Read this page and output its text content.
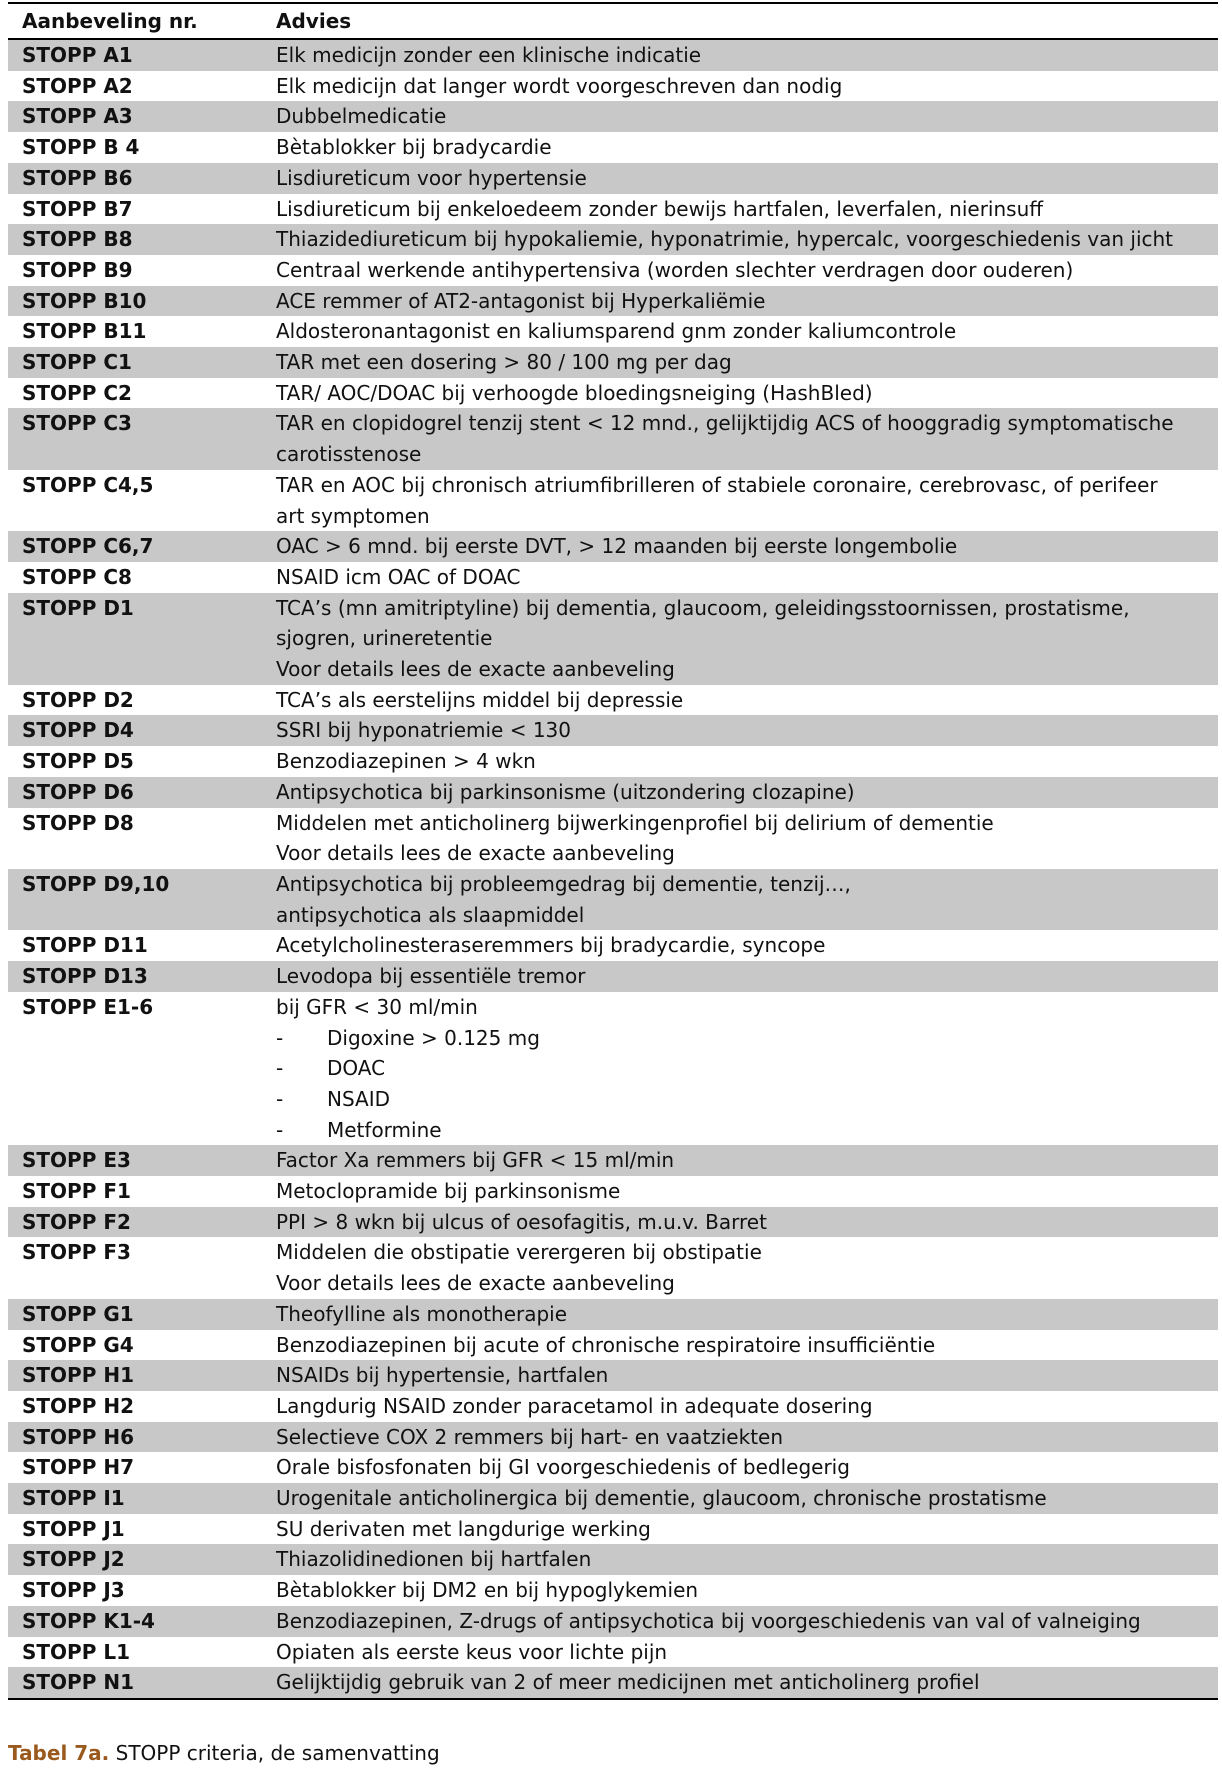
Aanbeveling nr.	Advies
STOPP A1	Elk medicijn zonder een klinische indicatie

STOPP A2	Elk medicijn dat langer wordt voorgeschreven dan nodig

STOPP A3	Dubbelmedicatie

STOPP B 4	Bètablokker bij bradycardie

STOPP B6	Lisdiureticum voor hypertensie

STOPP B7	Lisdiureticum bij enkeloedeem zonder bewijs hartfalen, leverfalen, nierinsuff

STOPP B8	Thiazidediureticum bij hypokaliemie, hyponatrimie, hypercalc, voorgeschiedenis van jicht

STOPP B9	Centraal werkende antihypertensiva (worden slechter verdragen door ouderen)

STOPP B10	ACE remmer of AT2-antagonist bij Hyperkaliëmie

STOPP B11	Aldosteronantagonist en kaliumsparend gnm zonder kaliumcontrole

STOPP C1	TAR met een dosering > 80 / 100 mg per dag

STOPP C2	TAR/ AOC/DOAC bij verhoogde bloedingsneiging (HashBled)

STOPP C3	TAR en clopidogrel tenzij stent < 12 mnd., gelijktijdig ACS of hooggradig symptomatische
carotisstenose

STOPP C4,5	TAR en AOC bij chronisch atriumfibrilleren of stabiele coronaire, cerebrovasc, of perifeer
art symptomen

STOPP C6,7	OAC > 6 mnd. bij eerste DVT, > 12 maanden bij eerste longembolie

STOPP C8	NSAID icm OAC of DOAC

STOPP D1	TCA’s (mn amitriptyline) bij dementia, glaucoom, geleidingsstoornissen, prostatisme,
sjogren, urineretentie
Voor details lees de exacte aanbeveling

STOPP D2	TCA’s als eerstelijns middel bij depressie

STOPP D4	SSRI bij hyponatriemie < 130

STOPP D5	Benzodiazepinen > 4 wkn

STOPP D6	Antipsychotica bij parkinsonisme (uitzondering clozapine)

STOPP D8	Middelen met anticholinerg bijwerkingenprofiel bij delirium of dementie
Voor details lees de exacte aanbeveling

STOPP D9,10	Antipsychotica bij probleemgedrag bij dementie, tenzij…,
antipsychotica als slaapmiddel

STOPP D11	Acetylcholinesteraseremmers bij bradycardie, syncope

STOPP D13	Levodopa bij essentiële tremor

STOPP E1-6	bij GFR < 30 ml/min
- Digoxine > 0.125 mg
- DOAC
- NSAID
- Metformine

STOPP E3	Factor Xa remmers bij GFR < 15 ml/min

STOPP F1	Metoclopramide bij parkinsonisme

STOPP F2	PPI > 8 wkn bij ulcus of oesofagitis, m.u.v. Barret

STOPP F3	Middelen die obstipatie verergeren bij obstipatie
Voor details lees de exacte aanbeveling

STOPP G1	Theofylline als monotherapie

STOPP G4	Benzodiazepinen bij acute of chronische respiratoire insufficiëntie

STOPP H1	NSAIDs bij hypertensie, hartfalen

STOPP H2	Langdurig NSAID zonder paracetamol in adequate dosering

STOPP H6	Selectieve COX 2 remmers bij hart- en vaatziekten

STOPP H7	Orale bisfosfonaten bij GI voorgeschiedenis of bedlegerig

STOPP I1	Urogenitale anticholinergica bij dementie, glaucoom, chronische prostatisme

STOPP J1	SU derivaten met langdurige werking

STOPP J2	Thiazolidinedionen bij hartfalen

STOPP J3	Bètablokker bij DM2 en bij hypoglykemien

STOPP K1-4	Benzodiazepinen, Z-drugs of antipsychotica bij voorgeschiedenis van val of valneiging

STOPP L1	Opiaten als eerste keus voor lichte pijn

STOPP N1	Gelijktijdig gebruik van 2 of meer medicijnen met anticholinerg profiel
Tabel 7a. STOPP criteria, de samenvatting
